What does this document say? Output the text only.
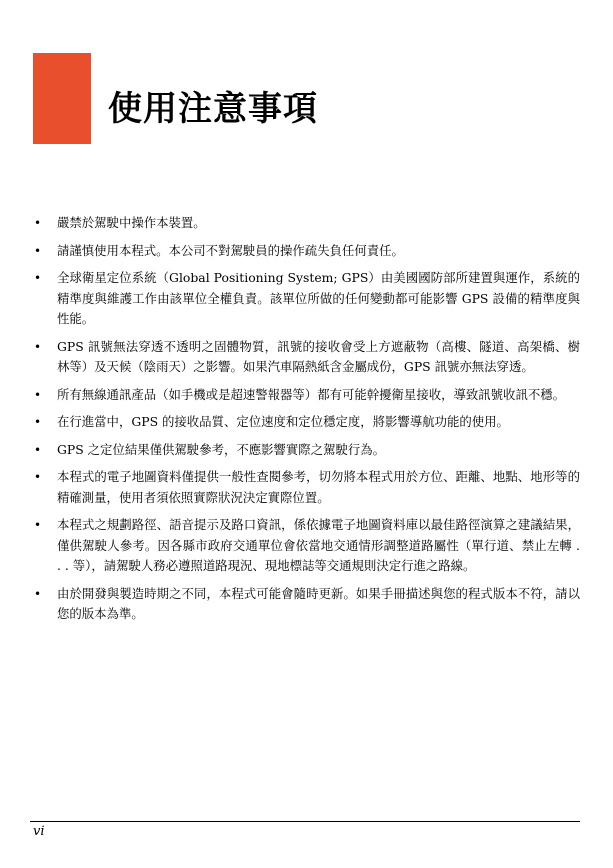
使用注意事項
•	嚴禁於駕駛中操作本裝置。
•	請謹慎使用本程式。本公司不對駕駛員的操作疏失負任何責任。
•	全球衛星定位系統（Global Positioning System; GPS）由美國國防部所建置與運作，系統的精準度與維護工作由該單位全權負責。該單位所做的任何變動都可能影響 GPS 設備的精準度與性能。
•	GPS 訊號無法穿透不透明之固體物質，訊號的接收會受上方遮蔽物（高樓、隧道、高架橋、樹林等）及天候（陰雨天）之影響。如果汽車隔熱紙含金屬成份，GPS 訊號亦無法穿透。
•	所有無線通訊產品（如手機或是超速警報器等）都有可能幹擾衛星接收，導致訊號收訊不穩。
•	在行進當中，GPS 的接收品質、定位速度和定位穩定度，將影響導航功能的使用。
•	GPS 之定位結果僅供駕駛參考，不應影響實際之駕駛行為。
•	本程式的電子地圖資料僅提供一般性查閱參考，切勿將本程式用於方位、距離、地點、地形等的精確測量，使用者須依照實際狀況決定實際位置。
•	本程式之規劃路徑、語音提示及路口資訊，係依據電子地圖資料庫以最佳路徑演算之建議結果，僅供駕駛人參考。因各縣市政府交通單位會依當地交通情形調整道路屬性（單行道、禁止左轉 . . . 等），請駕駛人務必遵照道路現況、現地標誌等交通規則決定行進之路線。
•	由於開發與製造時期之不同，本程式可能會隨時更新。如果手冊描述與您的程式版本不符，請以您的版本為準。
vi
